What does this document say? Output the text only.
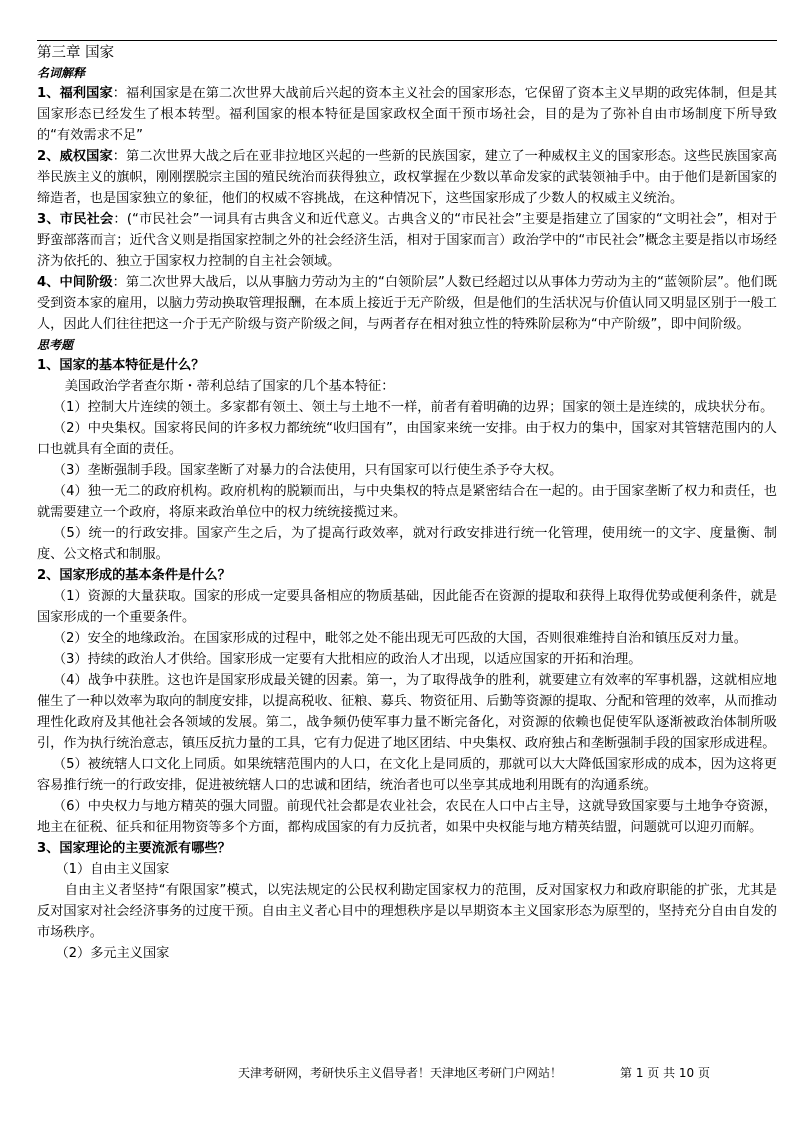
第三章 国家
名词解释

1、福利国家：福利国家是在第二次世界大战前后兴起的资本主义社会的国家形态，它保留了资本主义早期的政宪体制，但是其国家形态已经发生了根本转型。福利国家的根本特征是国家政权全面干预市场社会，目的是为了弥补自由市场制度下所导致的“有效需求不足”

2、威权国家：第二次世界大战之后在亚非拉地区兴起的一些新的民族国家，建立了一种威权主义的国家形态。这些民族国家高举民族主义的旗帜，刚刚摆脱宗主国的殖民统治而获得独立，政权掌握在少数以革命发家的武装领袖手中。由于他们是新国家的缔造者，也是国家独立的象征，他们的权威不容挑战，在这种情况下，这些国家形成了少数人的权威主义统治。

3、市民社会：(“市民社会”一词具有古典含义和近代意义。古典含义的“市民社会”主要是指建立了国家的“文明社会”，相对于野蛮部落而言；近代含义则是指国家控制之外的社会经济生活，相对于国家而言）政治学中的“市民社会”概念主要是指以市场经济为依托的、独立于国家权力控制的自主社会领域。

4、中间阶级：第二次世界大战后，以从事脑力劳动为主的“白领阶层”人数已经超过以从事体力劳动为主的“蓝领阶层”。他们既受到资本家的雇用，以脑力劳动换取管理报酬，在本质上接近于无产阶级，但是他们的生活状况与价值认同又明显区别于一般工人，因此人们往往把这一介于无产阶级与资产阶级之间，与两者存在相对独立性的特殊阶层称为“中产阶级”，即中间阶级。

思考题

1、国家的基本特征是什么？

美国政治学者查尔斯・蒂利总结了国家的几个基本特征：

（1）控制大片连续的领土。多家都有领土、领土与土地不一样，前者有着明确的边界；国家的领土是连续的，成块状分布。

（2）中央集权。国家将民间的许多权力都统统“收归国有”，由国家来统一安排。由于权力的集中，国家对其管辖范围内的人口也就具有全面的责任。

（3）垄断强制手段。国家垄断了对暴力的合法使用，只有国家可以行使生杀予夺大权。

（4）独一无二的政府机构。政府机构的脱颖而出，与中央集权的特点是紧密结合在一起的。由于国家垄断了权力和责任，也就需要建立一个政府，将原来政治单位中的权力统统接揽过来。

（5）统一的行政安排。国家产生之后，为了提高行政效率，就对行政安排进行统一化管理，使用统一的文字、度量衡、制度、公文格式和制服。

2、国家形成的基本条件是什么？

（1）资源的大量获取。国家的形成一定要具备相应的物质基础，因此能否在资源的提取和获得上取得优势或便利条件，就是国家形成的一个重要条件。

（2）安全的地缘政治。在国家形成的过程中，毗邻之处不能出现无可匹敌的大国，否则很难维持自治和镇压反对力量。

（3）持续的政治人才供给。国家形成一定要有大批相应的政治人才出现，以适应国家的开拓和治理。

（4）战争中获胜。这也许是国家形成最关键的因素。第一，为了取得战争的胜利，就要建立有效率的军事机器，这就相应地催生了一种以效率为取向的制度安排，以提高税收、征粮、募兵、物资征用、后勤等资源的提取、分配和管理的效率，从而推动理性化政府及其他社会各领域的发展。第二，战争频仍使军事力量不断完备化，对资源的依赖也促使军队逐渐被政治体制所吸引，作为执行统治意志，镇压反抗力量的工具，它有力促进了地区团结、中央集权、政府独占和垄断强制手段的国家形成进程。

（5）被统辖人口文化上同质。如果统辖范围内的人口，在文化上是同质的，那就可以大大降低国家形成的成本，因为这将更容易推行统一的行政安排，促进被统辖人口的忠诚和团结，统治者也可以坐享其成地利用既有的沟通系统。

（6）中央权力与地方精英的强大同盟。前现代社会都是农业社会，农民在人口中占主导，这就导致国家要与土地争夺资源，地主在征税、征兵和征用物资等多个方面，都构成国家的有力反抗者，如果中央权能与地方精英结盟，问题就可以迎刃而解。

3、国家理论的主要流派有哪些？

（1）自由主义国家

自由主义者坚持“有限国家”模式，以宪法规定的公民权利勘定国家权力的范围，反对国家权力和政府职能的扩张，尤其是反对国家对社会经济事务的过度干预。自由主义者心目中的理想秩序是以早期资本主义国家形态为原型的，坚持充分自由自发的市场秩序。

（2）多元主义国家

天津考研网，考研快乐主义倡导者！天津地区考研门户网站！	第 1 页 共 10 页
